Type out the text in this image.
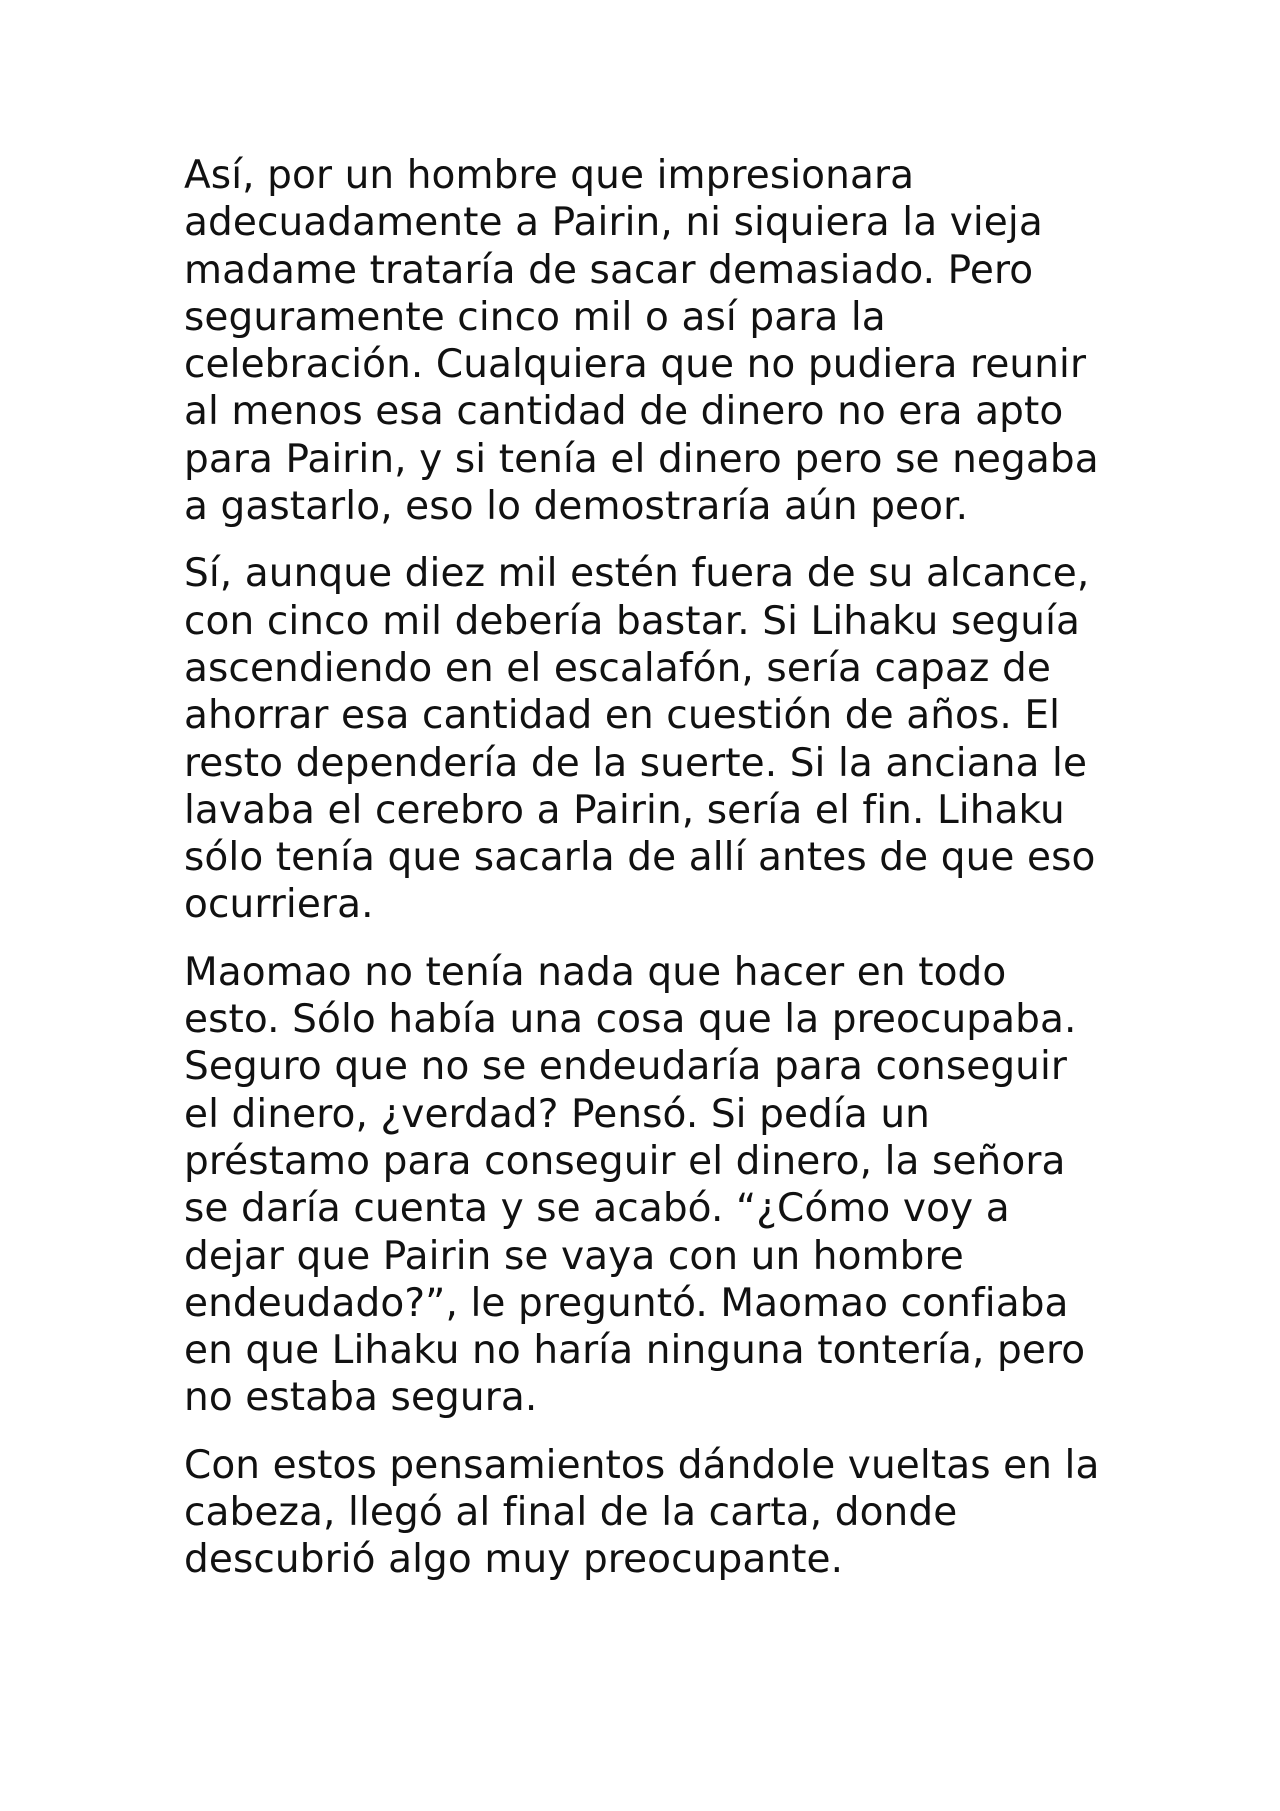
Así, por un hombre que impresionara
adecuadamente a Pairin, ni siquiera la vieja
madame trataría de sacar demasiado. Pero
seguramente cinco mil o así para la
celebración. Cualquiera que no pudiera reunir
al menos esa cantidad de dinero no era apto
para Pairin, y si tenía el dinero pero se negaba
a gastarlo, eso lo demostraría aún peor.

Sí, aunque diez mil estén fuera de su alcance,
con cinco mil debería bastar. Si Lihaku seguía
ascendiendo en el escalafón, sería capaz de
ahorrar esa cantidad en cuestión de años. El
resto dependería de la suerte. Si la anciana le
lavaba el cerebro a Pairin, sería el fin. Lihaku
sólo tenía que sacarla de allí antes de que eso
ocurriera.

Maomao no tenía nada que hacer en todo
esto. Sólo había una cosa que la preocupaba.
Seguro que no se endeudaría para conseguir
el dinero, ¿verdad? Pensó. Si pedía un
préstamo para conseguir el dinero, la señora
se daría cuenta y se acabó. “¿Cómo voy a
dejar que Pairin se vaya con un hombre
endeudado?”, le preguntó. Maomao confiaba
en que Lihaku no haría ninguna tontería, pero
no estaba segura.

Con estos pensamientos dándole vueltas en la
cabeza, llegó al final de la carta, donde
descubrió algo muy preocupante.
